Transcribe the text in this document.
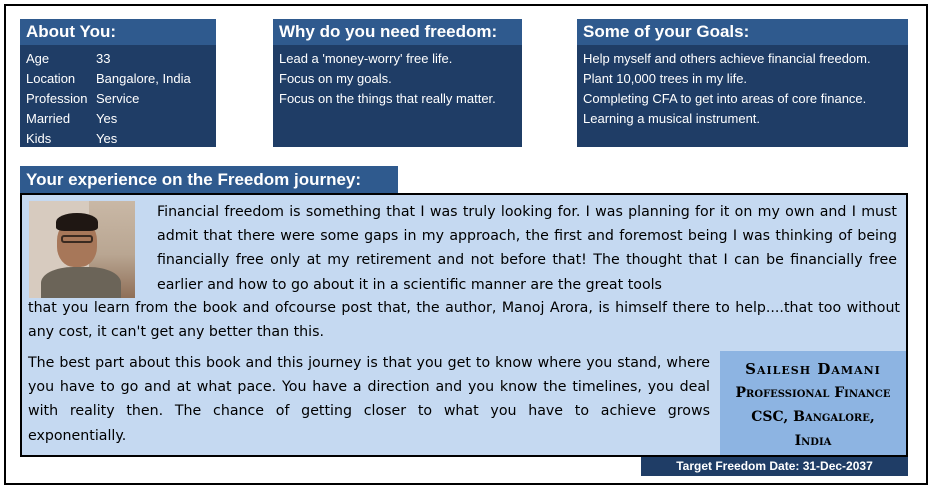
About You:
Age	33
Location	Bangalore, India
Profession Service
Married	Yes
Kids	Yes
Why do you need freedom:
Lead a 'money-worry' free life.
Focus on my goals.
Focus on the things that really matter.
Some of your Goals:
Help myself and others achieve financial freedom.
Plant 10,000 trees in my life.
Completing CFA to get into areas of core finance.
Learning a musical instrument.
Your experience on the Freedom journey:
Financial freedom is something that I was truly looking for. I was planning for it on my own and I must admit that there were some gaps in my approach, the first and foremost being I was thinking of being financially free only at my retirement and not before that! The thought that I can be financially free earlier and how to go about it in a scientific manner are the great tools
that you learn from the book and ofcourse post that, the author, Manoj Arora, is himself there to help....that too without any cost, it can't get any better than this.
The best part about this book and this journey is that you get to know where you stand, where you have to go and at what pace. You have a direction and you know the timelines, you deal with reality then. The chance of getting closer to what you have to achieve grows exponentially.
Sailesh Damani
Professional Finance
CSC, Bangalore,
India
Target Freedom Date: 31-Dec-2037
